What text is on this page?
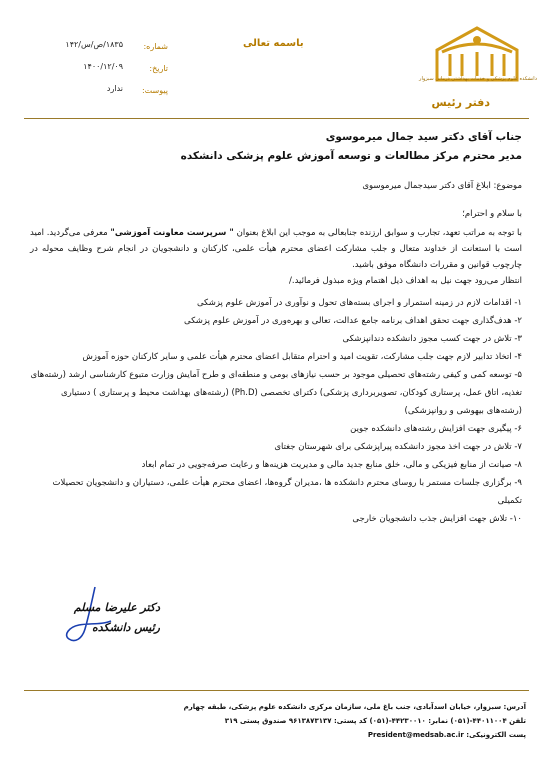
دانشکده علوم پزشکی و خدمات بهداشتی درمانی سبزوار
دفتر رئیس
باسمه تعالی
شماره:
۱۸۳۵/ص/س/۱۴۲
تاریخ:
۱۴۰۰/۱۲/۰۹
پیوست:
ندارد
جناب آقای دکتر سید جمال میرموسوی
مدیر محترم مرکز مطالعات و توسعه آموزش علوم پزشکی دانشکده
موضوع: ابلاغ آقای دکتر سیدجمال میرموسوی
با سلام و احترام؛
با توجه به مراتب تعهد، تجارب و سوابق ارزنده جنابعالی به موجب این ابلاغ بعنوان " سرپرست معاونت آموزشی" معرفی می‌گردید. امید است با استعانت از خداوند متعال و جلب مشارکت اعضای محترم هیأت علمی، کارکنان و دانشجویان در انجام شرح وظایف محوله در چارچوب قوانین و مقررات دانشگاه موفق باشید.
انتظار می‌رود جهت نیل به اهداف ذیل اهتمام ویژه مبذول فرمائید./
۱- اقدامات لازم در زمینه استمرار و اجرای بسته‌های تحول و نوآوری در آموزش علوم پزشکی
۲- هدف‌گذاری جهت تحقق اهداف برنامه جامع عدالت، تعالی و بهره‌وری در آموزش علوم پزشکی
۳- تلاش در جهت کسب مجوز دانشکده دندانپزشکی
۴- اتخاذ تدابیر لازم جهت جلب مشارکت، تقویت امید و احترام متقابل اعضای محترم هیأت علمی و سایر کارکنان حوزه آموزش
۵- توسعه کمی و کیفی رشته‌های تحصیلی موجود بر حسب نیازهای بومی و منطقه‌ای و طرح آمایش وزارت متبوع کارشناسی ارشد (رشته‌های تغذیه، اتاق عمل، پرستاری کودکان، تصویربرداری پزشکی) دکترای تخصصی (Ph.D) (رشته‌های بهداشت محیط و پرستاری ) دستیاری (رشته‌های بیهوشی و روانپزشکی)
۶- پیگیری جهت افزایش رشته‌های دانشکده جوین
۷- تلاش در جهت اخذ مجوز دانشکده پیراپزشکی برای شهرستان جغتای
۸- صیانت از منابع فیزیکی و مالی، خلق منابع جدید مالی و مدیریت هزینه‌ها و رعایت صرفه‌جویی در تمام ابعاد
۹- برگزاری جلسات مستمر با روسای محترم دانشکده ها ،مدیران گروه‌ها، اعضای محترم هیأت علمی، دستیاران و دانشجویان تحصیلات تکمیلی
۱۰- تلاش جهت افزایش جذب دانشجویان خارجی
دکتر علیرضا مسلم
رئیس دانشکده
آدرس: سبزوار، خیابان اسدآبادی، جنب باغ ملی، سازمان مرکزی دانشکده علوم پزشکی، طبقه چهارم
تلفن ۴۴۰۱۱۰۰۴-(۰۵۱) نمابر: ۴۴۲۳۰۰۱۰-(۰۵۱) کد پستی: ۹۶۱۳۸۷۳۱۳۷ صندوق پستی ۳۱۹
پست الکترونیکی: President@medsab.ac.ir
